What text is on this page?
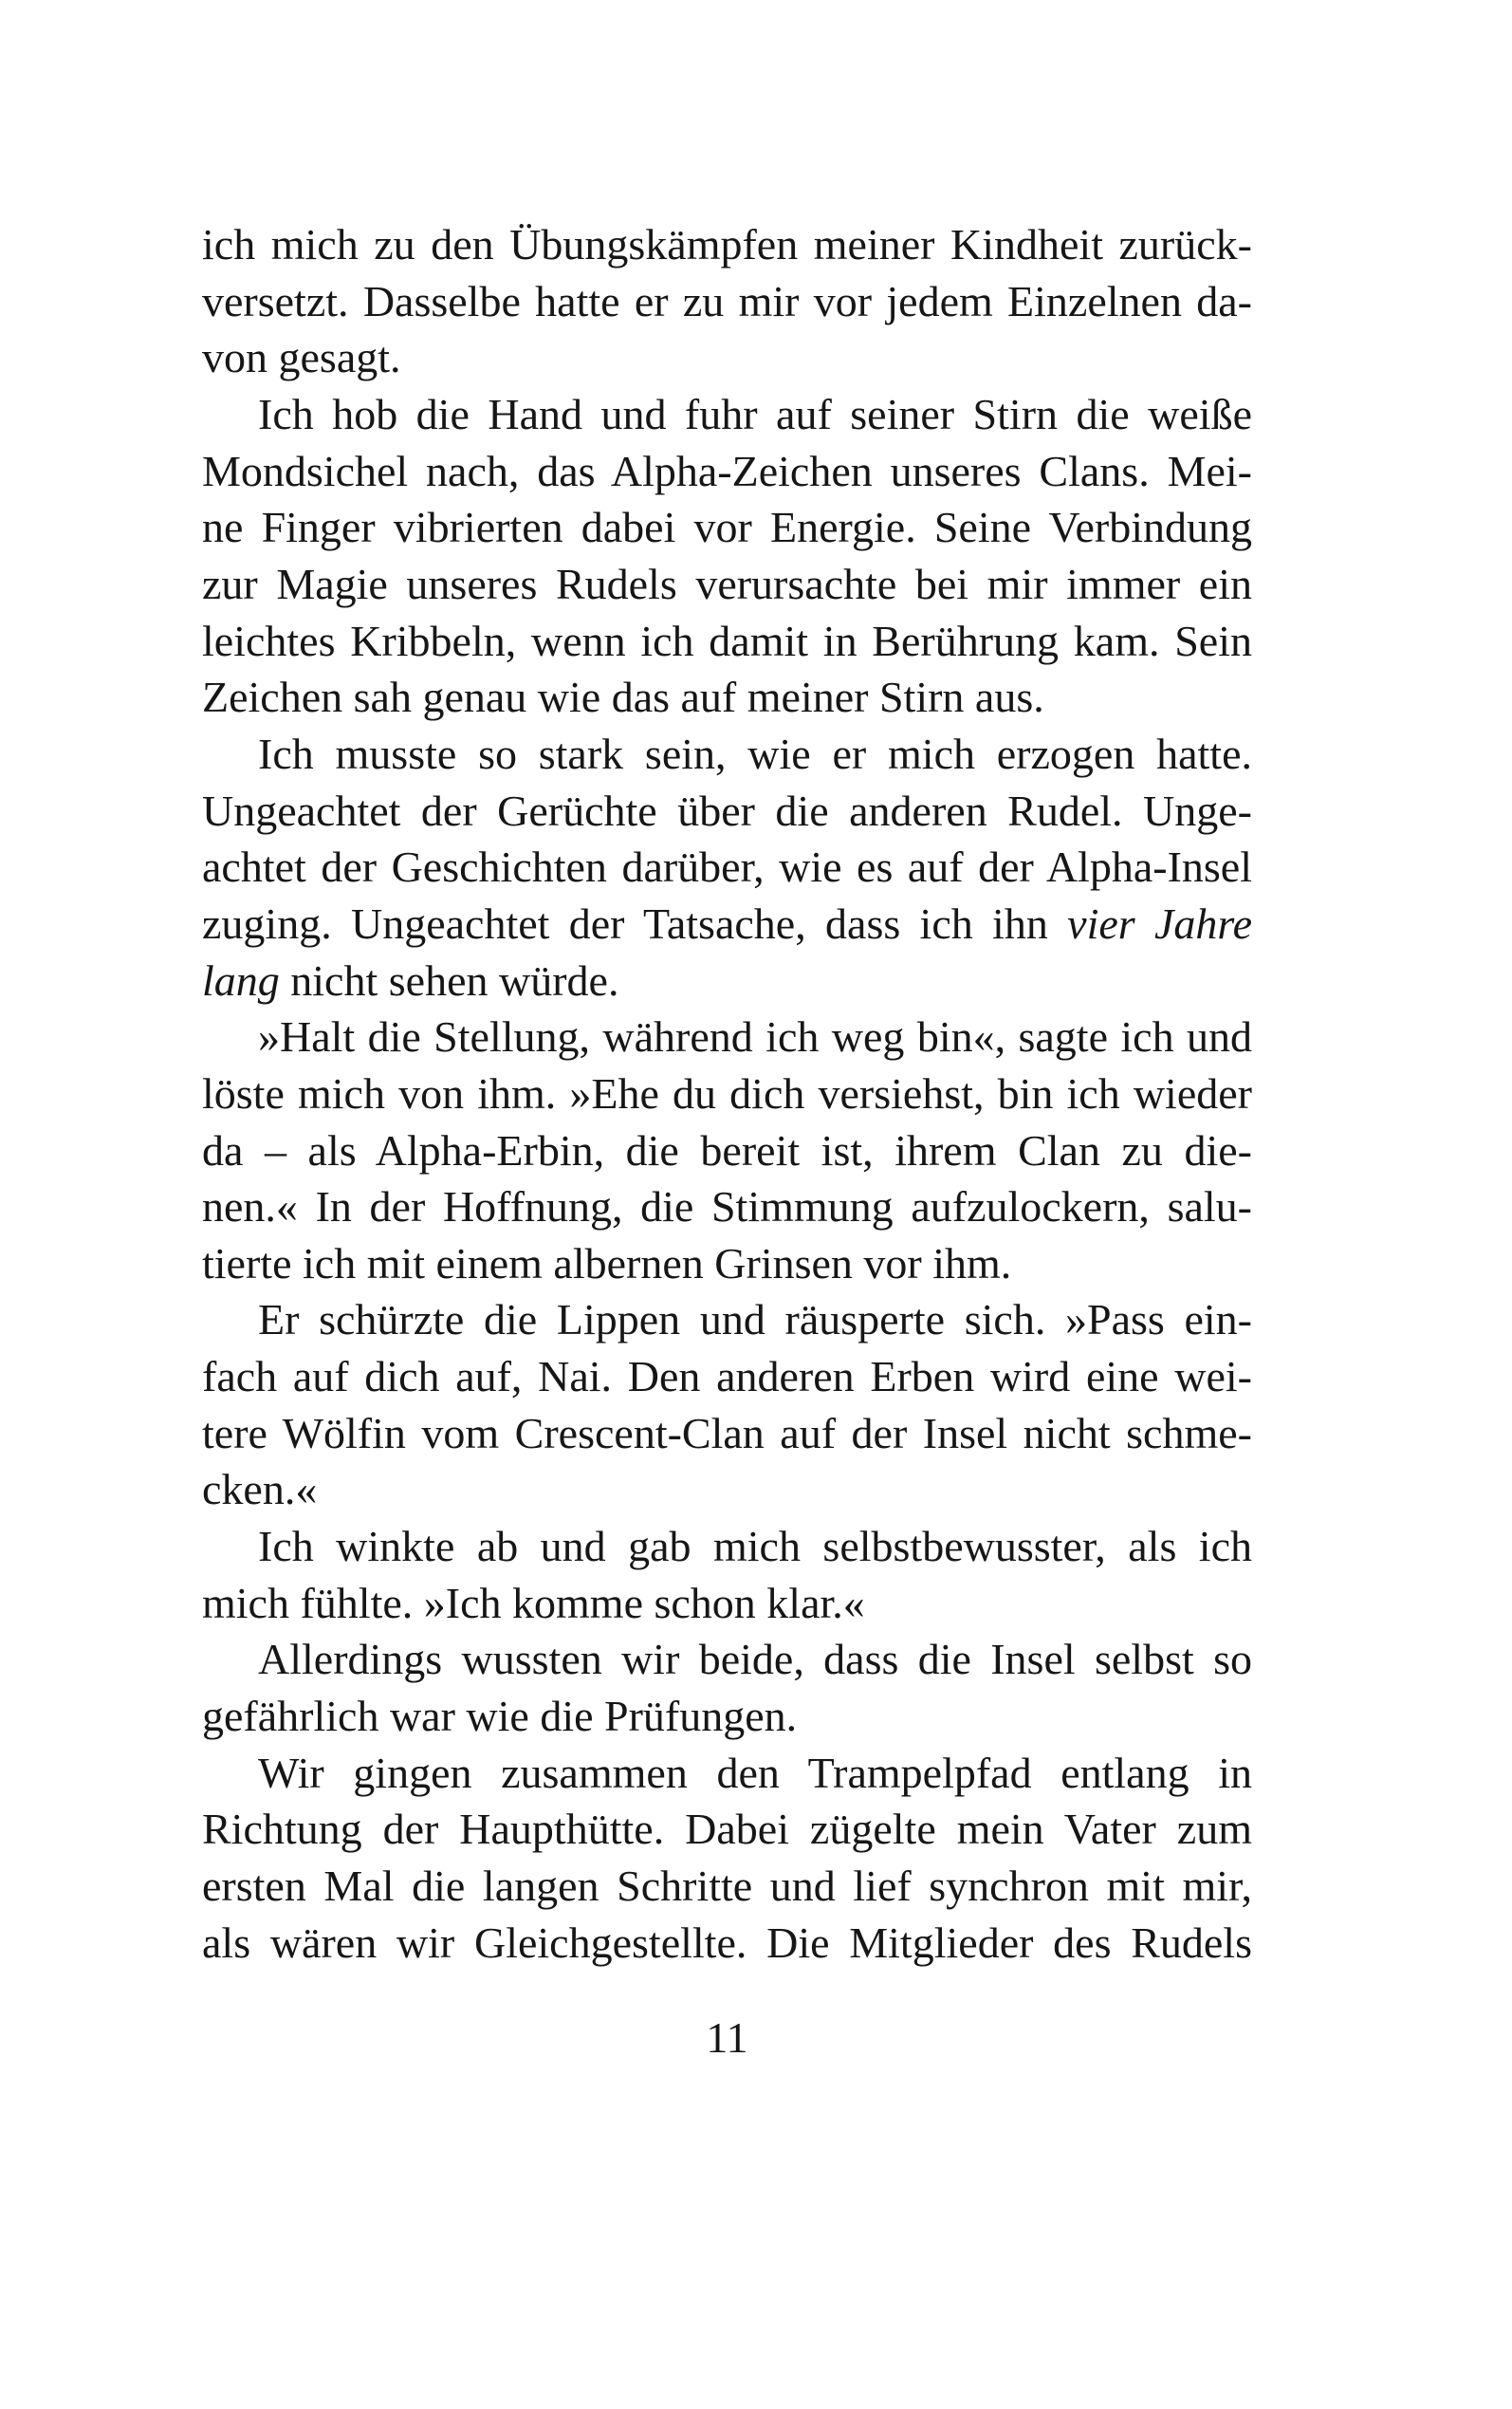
ich mich zu den Übungskämpfen meiner Kindheit zurück-
versetzt. Dasselbe hatte er zu mir vor jedem Einzelnen da-
von gesagt.
Ich hob die Hand und fuhr auf seiner Stirn die weiße
Mondsichel nach, das Alpha-Zeichen unseres Clans. Mei-
ne Finger vibrierten dabei vor Energie. Seine Verbindung
zur Magie unseres Rudels verursachte bei mir immer ein
leichtes Kribbeln, wenn ich damit in Berührung kam. Sein
Zeichen sah genau wie das auf meiner Stirn aus.
Ich musste so stark sein, wie er mich erzogen hatte.
Ungeachtet der Gerüchte über die anderen Rudel. Unge-
achtet der Geschichten darüber, wie es auf der Alpha-Insel
zuging. Ungeachtet der Tatsache, dass ich ihn vier Jahre
lang nicht sehen würde.
»Halt die Stellung, während ich weg bin«, sagte ich und
löste mich von ihm. »Ehe du dich versiehst, bin ich wieder
da – als Alpha-Erbin, die bereit ist, ihrem Clan zu die-
nen.« In der Hoffnung, die Stimmung aufzulockern, salu-
tierte ich mit einem albernen Grinsen vor ihm.
Er schürzte die Lippen und räusperte sich. »Pass ein-
fach auf dich auf, Nai. Den anderen Erben wird eine wei-
tere Wölfin vom Crescent-Clan auf der Insel nicht schme-
cken.«
Ich winkte ab und gab mich selbstbewusster, als ich
mich fühlte. »Ich komme schon klar.«
Allerdings wussten wir beide, dass die Insel selbst so
gefährlich war wie die Prüfungen.
Wir gingen zusammen den Trampelpfad entlang in
Richtung der Haupthütte. Dabei zügelte mein Vater zum
ersten Mal die langen Schritte und lief synchron mit mir,
als wären wir Gleichgestellte. Die Mitglieder des Rudels
11
